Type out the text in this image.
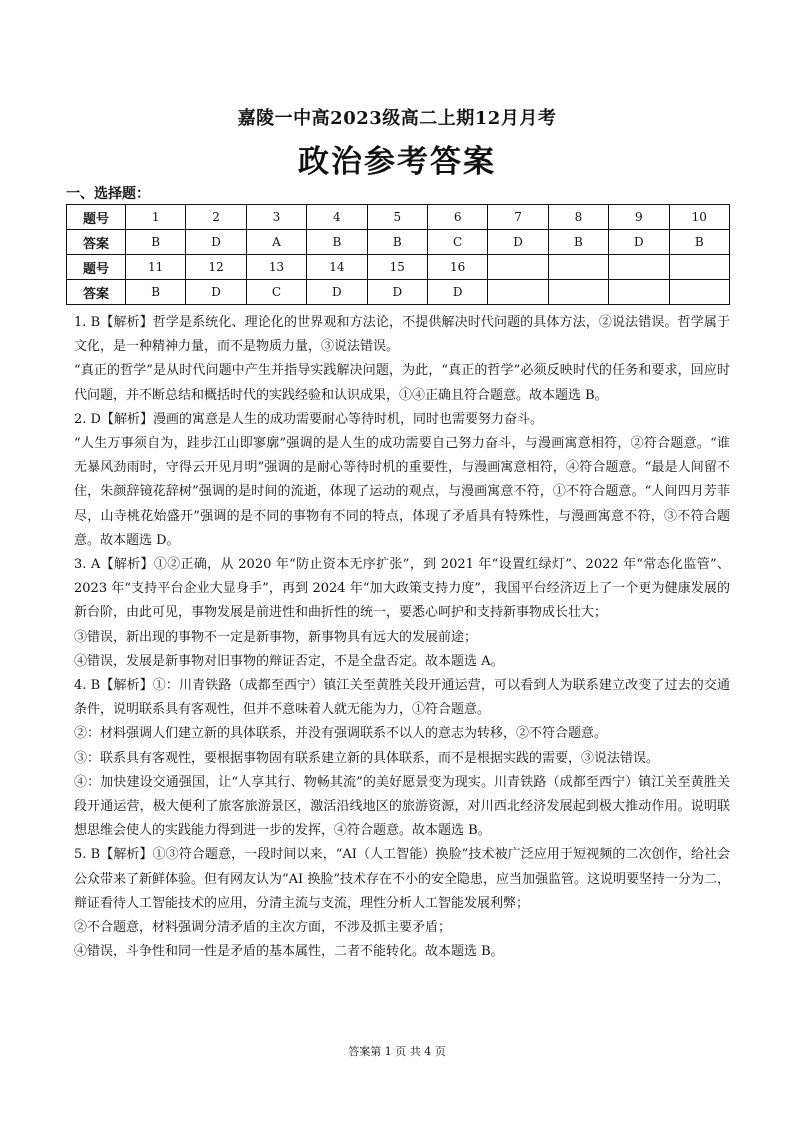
嘉陵一中高2023级高二上期12月月考
政治参考答案
一、选择题：
题号	1	2	3	4	5	6	7	8	9	10
答案	B	D	A	B	B	C	D	B	D	B
题号	11	12	13	14	15	16				
答案	B	D	C	D	D	D				

1. B【解析】哲学是系统化、理论化的世界观和方法论，不提供解决时代问题的具体方法，②说法错误。哲学属于文化，是一种精神力量，而不是物质力量，③说法错误。

“真正的哲学”是从时代问题中产生并指导实践解决问题，为此，“真正的哲学”必须反映时代的任务和要求，回应时代问题，并不断总结和概括时代的实践经验和认识成果，①④正确且符合题意。故本题选 B。

2. D【解析】漫画的寓意是人生的成功需要耐心等待时机，同时也需要努力奋斗。

“人生万事须自为，跬步江山即寥廓”强调的是人生的成功需要自己努力奋斗，与漫画寓意相符，②符合题意。“谁无暴风劲雨时，守得云开见月明”强调的是耐心等待时机的重要性，与漫画寓意相符，④符合题意。“最是人间留不住，朱颜辞镜花辞树”强调的是时间的流逝，体现了运动的观点，与漫画寓意不符，①不符合题意。“人间四月芳菲尽，山寺桃花始盛开”强调的是不同的事物有不同的特点，体现了矛盾具有特殊性，与漫画寓意不符，③不符合题意。故本题选 D。

3. A【解析】①②正确，从 2020 年“防止资本无序扩张”，到 2021 年“设置红绿灯”、2022 年“常态化监管”、2023 年“支持平台企业大显身手”，再到 2024 年“加大政策支持力度”，我国平台经济迈上了一个更为健康发展的新台阶，由此可见，事物发展是前进性和曲折性的统一，要悉心呵护和支持新事物成长壮大；

③错误，新出现的事物不一定是新事物，新事物具有远大的发展前途；

④错误，发展是新事物对旧事物的辩证否定，不是全盘否定。故本题选 A。

4. B【解析】①：川青铁路（成都至西宁）镇江关至黄胜关段开通运营，可以看到人为联系建立改变了过去的交通条件，说明联系具有客观性，但并不意味着人就无能为力，①符合题意。

②：材料强调人们建立新的具体联系，并没有强调联系不以人的意志为转移，②不符合题意。

③：联系具有客观性，要根据事物固有联系建立新的具体联系，而不是根据实践的需要，③说法错误。

④：加快建设交通强国，让“人享其行、物畅其流”的美好愿景变为现实。川青铁路（成都至西宁）镇江关至黄胜关段开通运营，极大便利了旅客旅游景区，激活沿线地区的旅游资源，对川西北经济发展起到极大推动作用。说明联想思维会使人的实践能力得到进一步的发挥，④符合题意。故本题选 B。

5. B【解析】①③符合题意，一段时间以来，“AI（人工智能）换脸”技术被广泛应用于短视频的二次创作，给社会公众带来了新鲜体验。但有网友认为“AI 换脸”技术存在不小的安全隐患，应当加强监管。这说明要坚持一分为二，辩证看待人工智能技术的应用，分清主流与支流，理性分析人工智能发展利弊；

②不合题意，材料强调分清矛盾的主次方面，不涉及抓主要矛盾；

④错误，斗争性和同一性是矛盾的基本属性，二者不能转化。故本题选 B。

答案第 1 页 共 4 页
